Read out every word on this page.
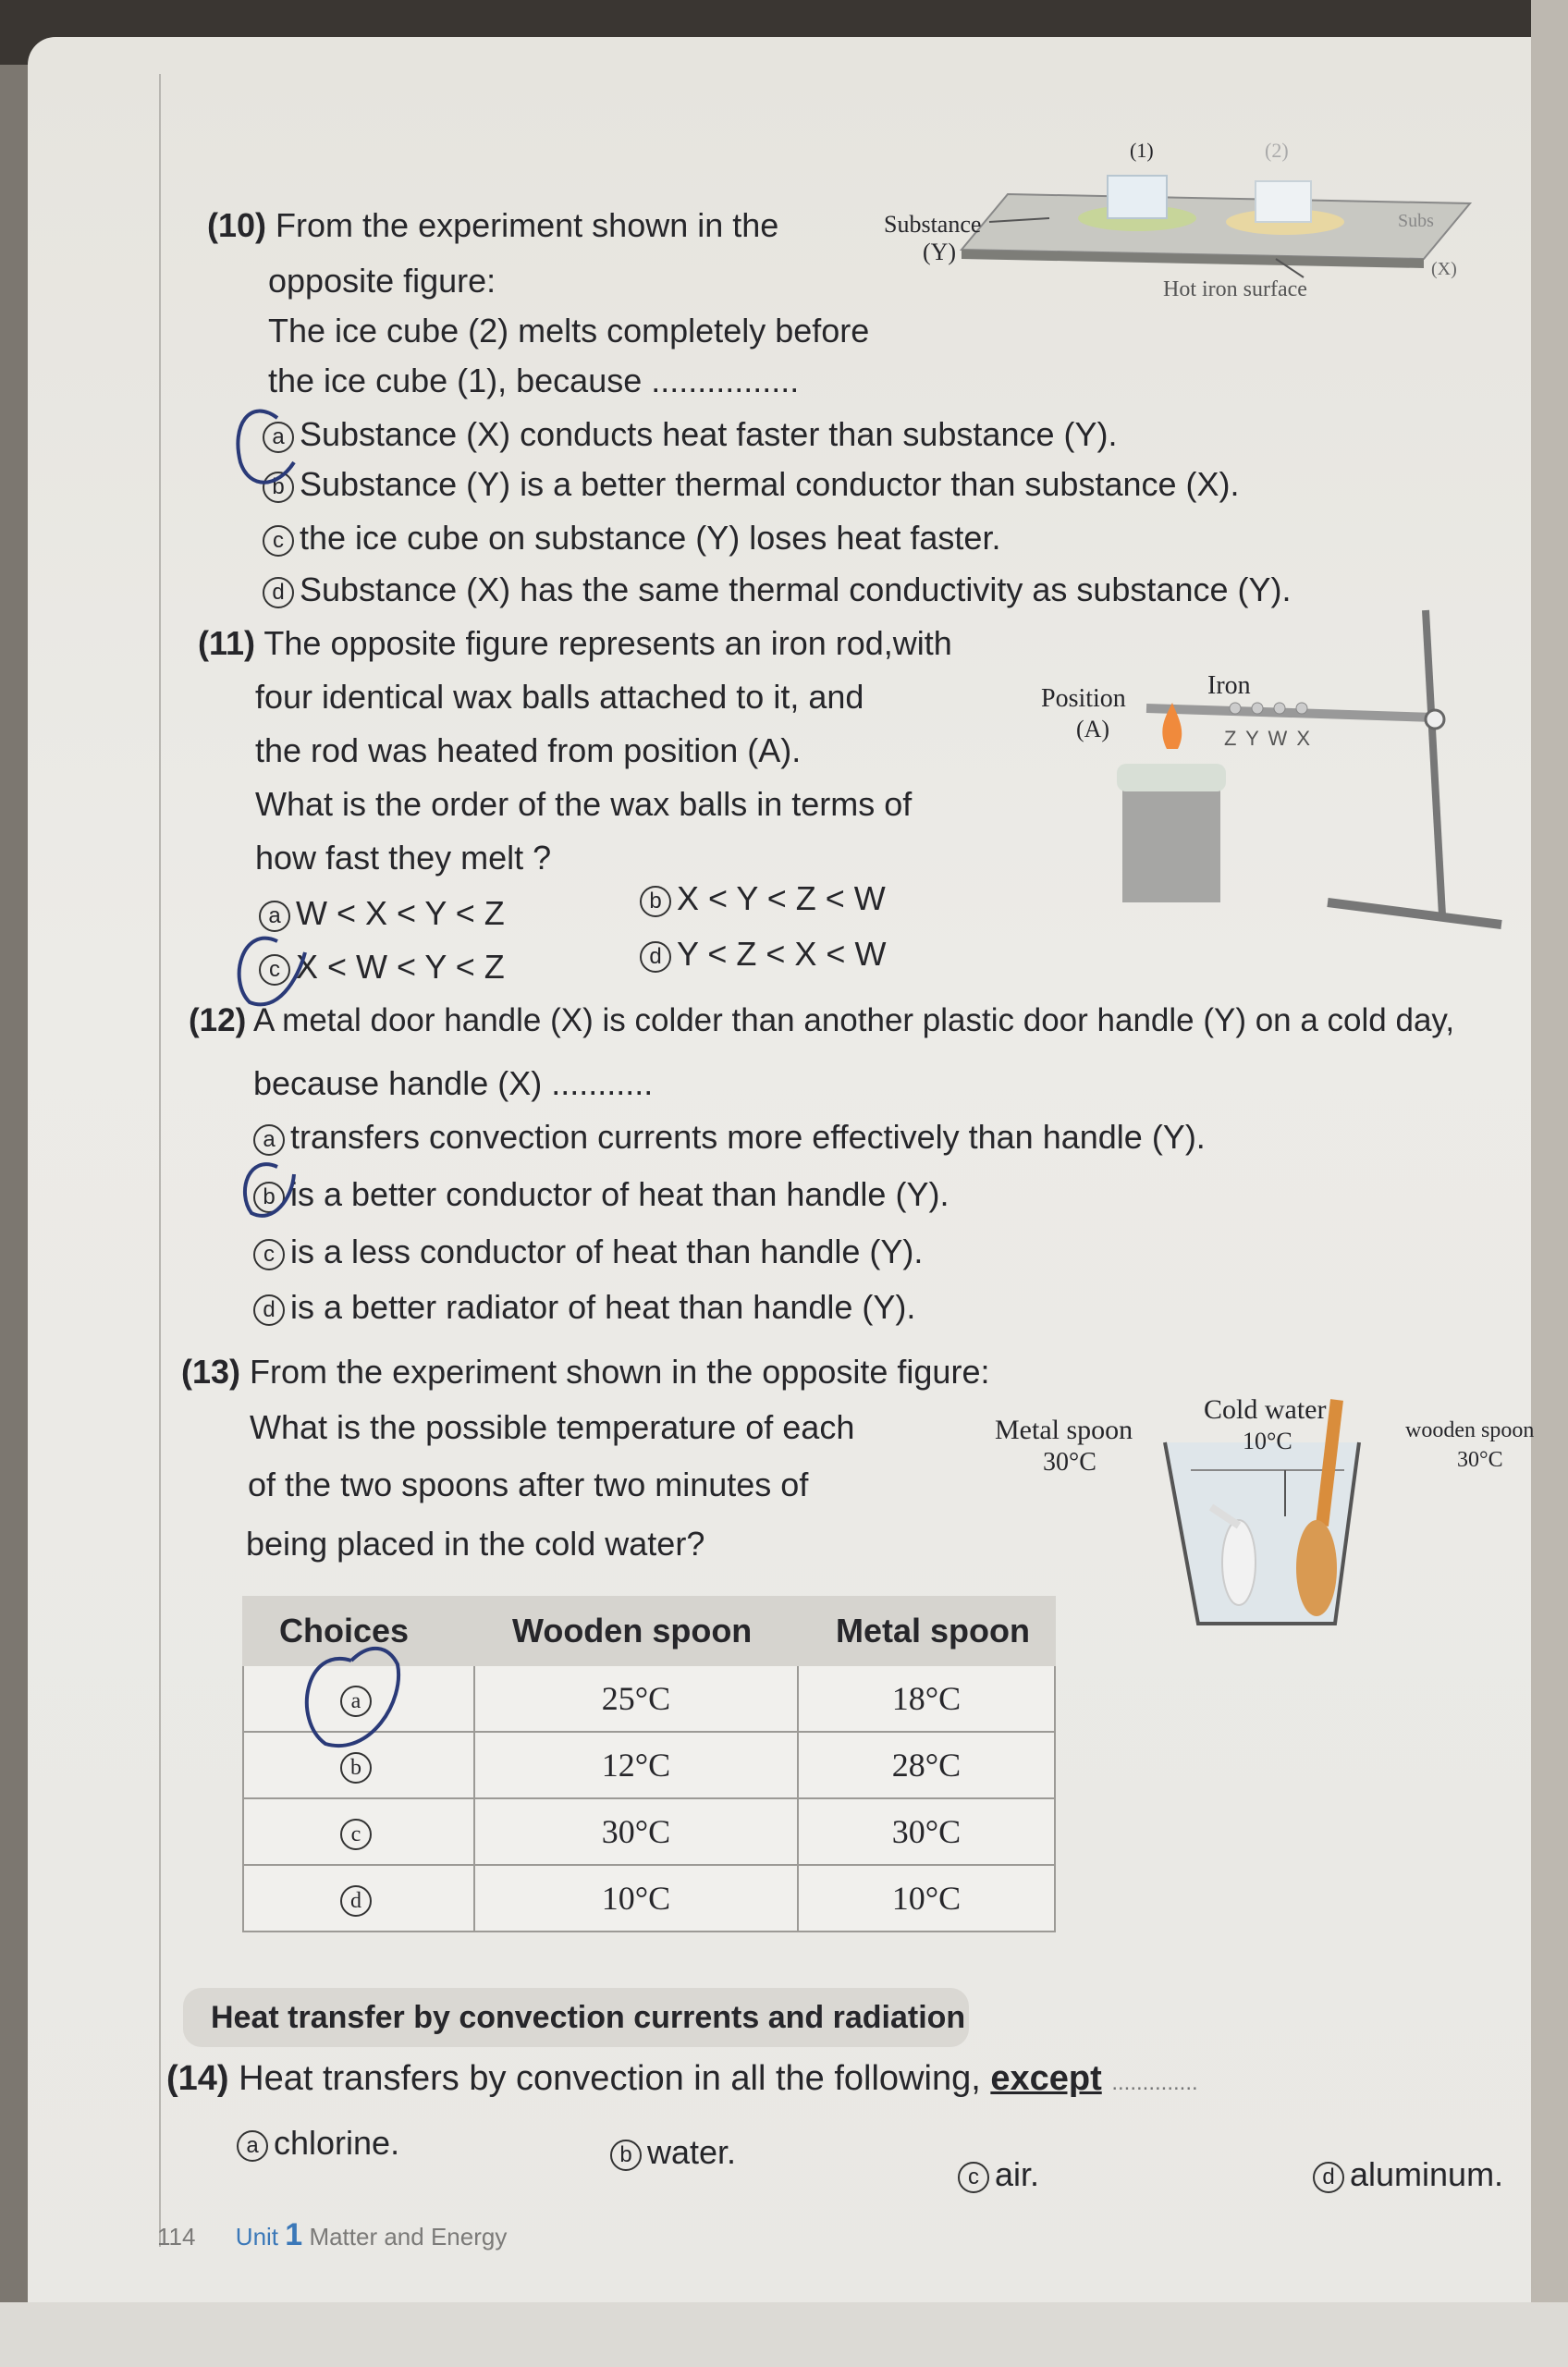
(10) From the experiment shown in the
opposite figure:
The ice cube (2) melts completely before
the ice cube (1), because ................
a Substance (X) conducts heat faster than substance (Y).
b Substance (Y) is a better thermal conductor than substance (X).
c the ice cube on substance (Y) loses heat faster.
d Substance (X) has the same thermal conductivity as substance (Y).
(1)	(2)
Substance
(Y)
Hot iron surface
Subs
(X)
(11) The opposite figure represents an iron rod,with
four identical wax balls attached to it, and
the rod was heated from position (A).
What is the order of the wax balls in terms of
how fast they melt ?
a W < X < Y < Z	b X < Y < Z < W
c X < W < Y < Z	d Y < Z < X < W
Position
(A)
Iron
Z Y W X
(12) A metal door handle (X) is colder than another plastic door handle (Y) on a cold day,
because handle (X) ...........
a transfers convection currents more effectively than handle (Y).
b is a better conductor of heat than handle (Y).
c is a less conductor of heat than handle (Y).
d is a better radiator of heat than handle (Y).
(13) From the experiment shown in the opposite figure:
What is the possible temperature of each
of the two spoons after two minutes of
being placed in the cold water?
Metal spoon
30°C
Cold water
10°C	wooden spoon
30°C
Choices	Wooden spoon	Metal spoon
a	25°C	18°C
b	12°C	28°C
c	30°C	30°C
d	10°C	10°C
Heat transfer by convection currents and radiation
(14) Heat transfers by convection in all the following, except ..............
a chlorine.	b water.
c air.	d aluminum.
114 Unit 1 Matter and Energy
